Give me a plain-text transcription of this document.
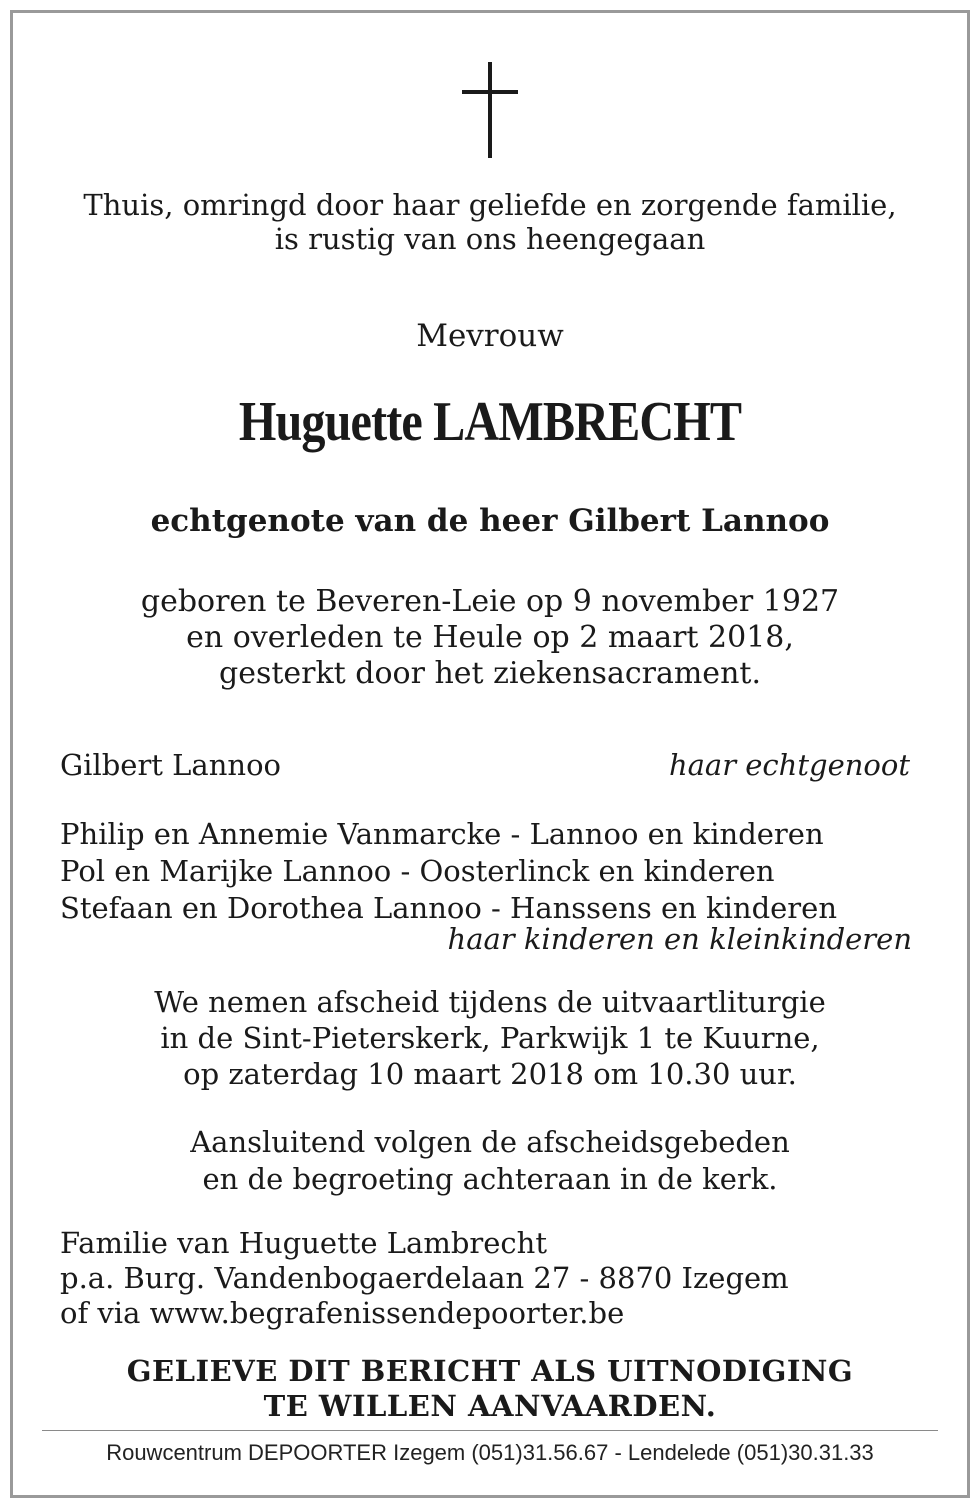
Thuis, omringd door haar geliefde en zorgende familie,
is rustig van ons heengegaan
Mevrouw
Huguette LAMBRECHT
echtgenote van de heer Gilbert Lannoo
geboren te Beveren-Leie op 9 november 1927
en overleden te Heule op 2 maart 2018,
gesterkt door het ziekensacrament.
Gilbert Lannoo	haar echtgenoot
Philip en Annemie Vanmarcke - Lannoo en kinderen
Pol en Marijke Lannoo - Oosterlinck en kinderen
Stefaan en Dorothea Lannoo - Hanssens en kinderen
haar kinderen en kleinkinderen
We nemen afscheid tijdens de uitvaartliturgie
in de Sint-Pieterskerk, Parkwijk 1 te Kuurne,
op zaterdag 10 maart 2018 om 10.30 uur.
Aansluitend volgen de afscheidsgebeden
en de begroeting achteraan in de kerk.
Familie van Huguette Lambrecht
p.a. Burg. Vandenbogaerdelaan 27 - 8870 Izegem
of via www.begrafenissendepoorter.be
GELIEVE DIT BERICHT ALS UITNODIGING
TE WILLEN AANVAARDEN.
Rouwcentrum DEPOORTER Izegem (051)31.56.67 - Lendelede (051)30.31.33
